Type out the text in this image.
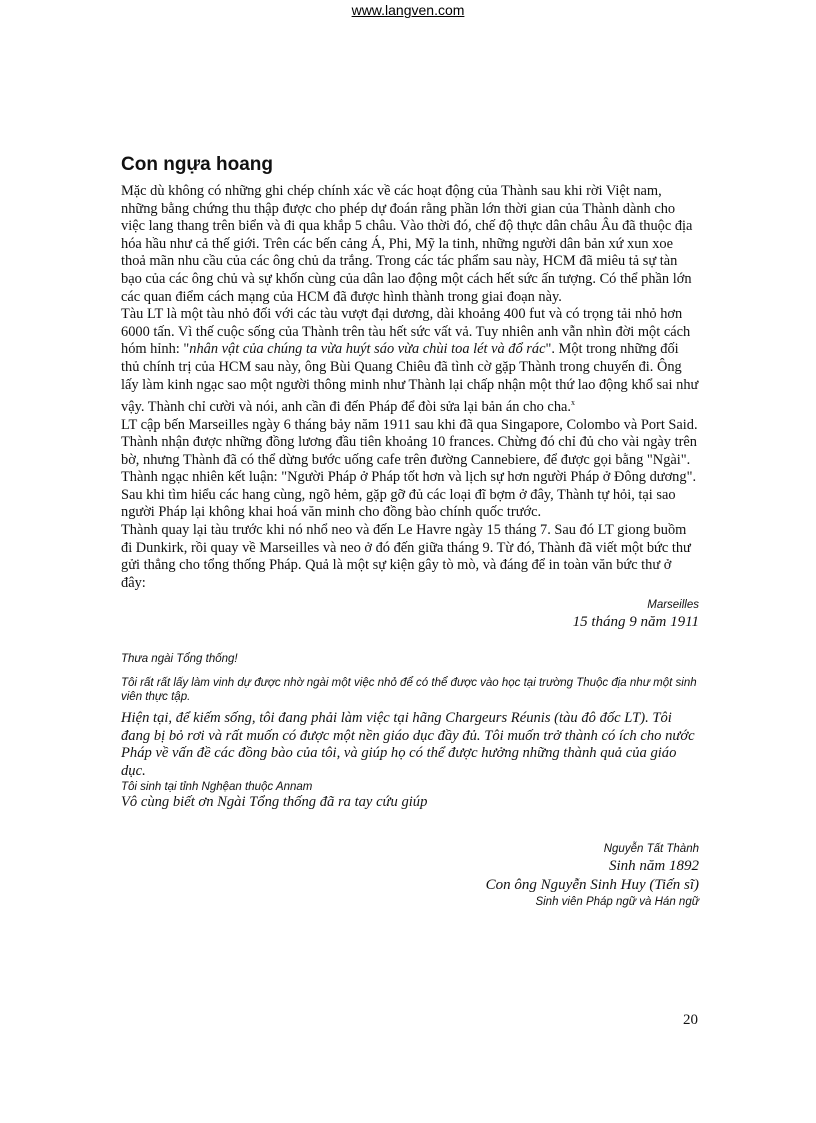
www.langven.com
Con ngựa hoang

Mặc dù không có những ghi chép chính xác về các hoạt động của Thành sau khi rời Việt nam, những bằng chứng thu thập được cho phép dự đoán rằng phần lớn thời gian của Thành dành cho việc lang thang trên biển và đi qua khắp 5 châu. Vào thời đó, chế độ thực dân châu Âu đã thuộc địa hóa hầu như cả thế giới. Trên các bến cảng Á, Phi, Mỹ la tinh, những người dân bản xứ xun xoe thoả mãn nhu cầu của các ông chủ da trắng. Trong các tác phẩm sau này, HCM đã miêu tả sự tàn bạo của các ông chủ và sự khốn cùng của dân lao động một cách hết sức ấn tượng. Có thể phần lớn các quan điểm cách mạng của HCM đã được hình thành trong giai đoạn này.

Tàu LT là một tàu nhỏ đối với các tàu vượt đại dương, dài khoảng 400 fut và có trọng tải nhỏ hơn 6000 tấn. Vì thế cuộc sống của Thành trên tàu hết sức vất vả. Tuy nhiên anh vẫn nhìn đời một cách hóm hỉnh: "nhân vật của chúng ta vừa huýt sáo vừa chùi toa lét và đổ rác". Một trong những đối thủ chính trị của HCM sau này, ông Bùi Quang Chiêu đã tình cờ gặp Thành trong chuyến đi. Ông lấy làm kinh ngạc sao một người thông minh như Thành lại chấp nhận một thứ lao động khổ sai như vậy. Thành chỉ cười và nói, anh cần đi đến Pháp để đòi sửa lại bản án cho cha.$^x$

LT cập bến Marseilles ngày 6 tháng bảy năm 1911 sau khi đã qua Singapore, Colombo và Port Said. Thành nhận được những đồng lương đầu tiên khoảng 10 frances. Chừng đó chỉ đủ cho vài ngày trên bờ, nhưng Thành đã có thể dừng bước uống cafe trên đường Cannebiere, để được gọi bằng "Ngài". Thành ngạc nhiên kết luận: "Người Pháp ở Pháp tốt hơn và lịch sự hơn người Pháp ở Đông dương". Sau khi tìm hiểu các hang cùng, ngõ hẻm, gặp gỡ đủ các loại đĩ bợm ở đây, Thành tự hỏi, tại sao người Pháp lại không khai hoá văn minh cho đồng bào chính quốc trước.

Thành quay lại tàu trước khi nó nhổ neo và đến Le Havre ngày 15 tháng 7. Sau đó LT giong buồm đi Dunkirk, rồi quay về Marseilles và neo ở đó đến giữa tháng 9. Từ đó, Thành đã viết một bức thư gửi thẳng cho tổng thống Pháp. Quả là một sự kiện gây tò mò, và đáng để in toàn văn bức thư ở đây:

Marseilles

15 tháng 9 năm 1911

Thưa ngài Tổng thống!

Tôi rất rất lấy làm vinh dự được nhờ ngài một việc nhỏ để có thể được vào học tại trường Thuộc địa như một sinh viên thực tập.

Hiện tại, để kiếm sống, tôi đang phải làm việc tại hãng Chargeurs Réunis (tàu đô đốc LT). Tôi đang bị bỏ rơi và rất muốn có được một nền giáo dục đầy đủ. Tôi muốn trở thành có ích cho nước Pháp về vấn đề các đồng bào của tôi, và giúp họ có thể được hưởng những thành quả của giáo dục.

Tôi sinh tại tỉnh Nghệan thuộc Annam

Vô cùng biết ơn Ngài Tổng thống đã ra tay cứu giúp

Nguyễn Tất Thành

Sinh năm 1892

Con ông Nguyễn Sinh Huy (Tiến sĩ)

Sinh viên Pháp ngữ và Hán ngữ

20
